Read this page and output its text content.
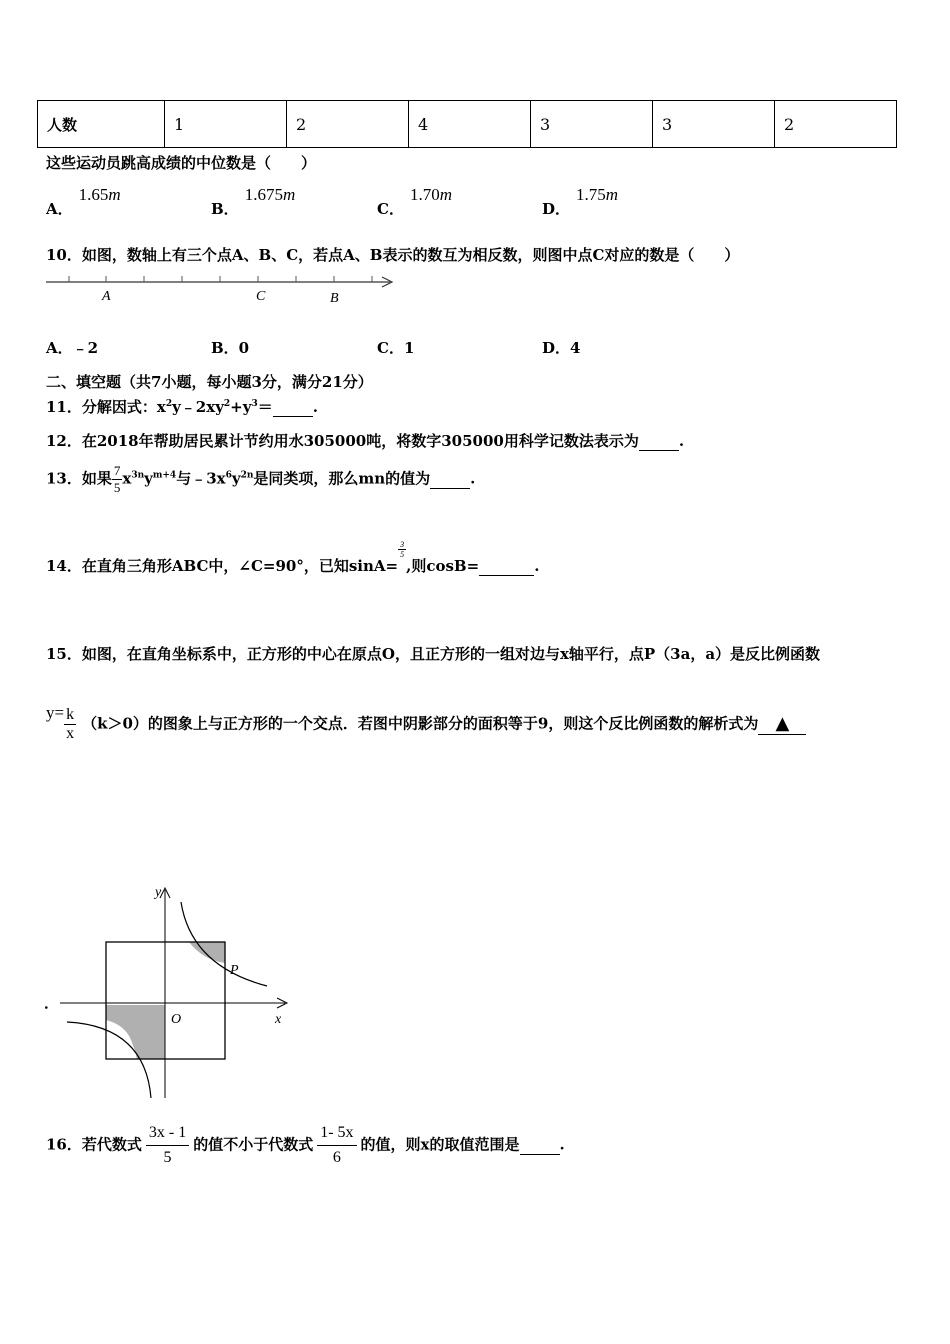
人数	1	2	4	3	3	2
这些运动员跳高成绩的中位数是（　　）
A．1.65m
B．1.675m
C．1.70m
D．1.75m
10．如图，数轴上有三个点A、B、C，若点A、B表示的数互为相反数，则图中点C对应的数是（　　）
A	C	B
A．﹣2	B．0	C．1	D．4
二、填空题（共7小题，每小题3分，满分21分）
11．分解因式：$x^2y﹣2xy^2+y^3=$	.
12．在2018年帮助居民累计节约用水305000吨，将数字305000用科学记数法表示为	.
13．如果 $\frac{7}{5} x^{3n}y^{m+4}$与$﹣3x^6y^{2n}$是同类项，那么mn的值为	.
14．在直角三角形ABC中，∠C=90°，已知sinA=
$\frac{3}{5}$
,则cosB=	.
15．如图，在直角坐标系中，正方形的中心在原点O，且正方形的一组对边与x轴平行，点P（3a，a）是反比例函数
$y= \frac{k}{x} (k>0)$的图象上与正方形的一个交点．若图中阴影部分的面积等于9，则这个反比例函数的解析式为 ▲
．
y
x
O
P
16．若代数式 $\frac{3x - 1}{5}$ 的值不小于代数式 $\frac{1- 5x}{6}$ 的值，则x的取值范围是	.
